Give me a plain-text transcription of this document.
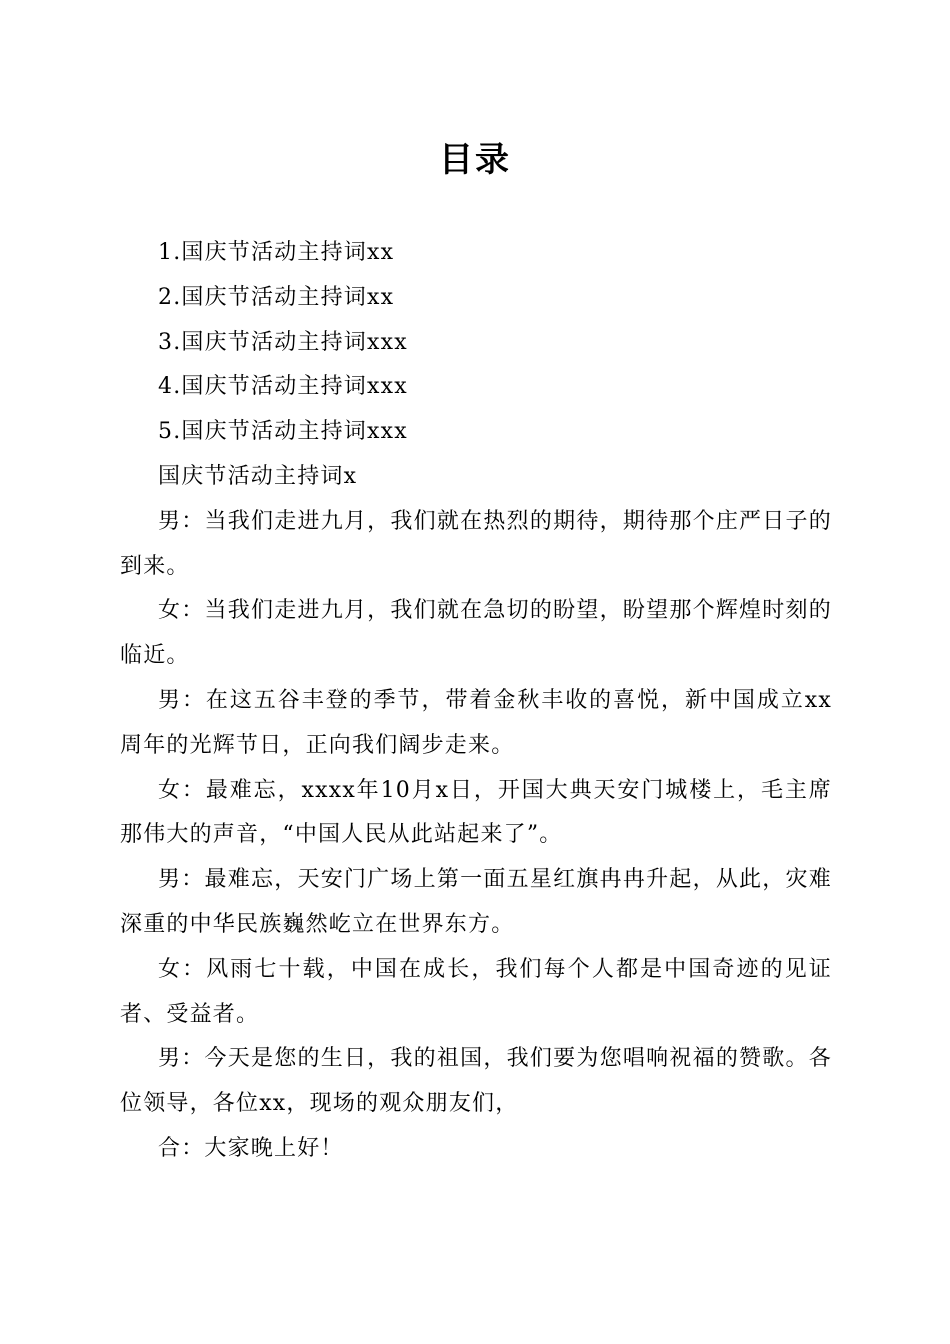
目录

1.国庆节活动主持词xx

2.国庆节活动主持词xx

3.国庆节活动主持词xxx

4.国庆节活动主持词xxx

5.国庆节活动主持词xxx

国庆节活动主持词x

男：当我们走进九月，我们就在热烈的期待，期待那个庄严日子的到来。

女：当我们走进九月，我们就在急切的盼望，盼望那个辉煌时刻的临近。

男：在这五谷丰登的季节，带着金秋丰收的喜悦，新中国成立xx周年的光辉节日，正向我们阔步走来。

女：最难忘，xxxx年10月x日，开国大典天安门城楼上，毛主席那伟大的声音，“中国人民从此站起来了”。

男：最难忘，天安门广场上第一面五星红旗冉冉升起，从此，灾难深重的中华民族巍然屹立在世界东方。

女：风雨七十载，中国在成长，我们每个人都是中国奇迹的见证者、受益者。

男：今天是您的生日，我的祖国，我们要为您唱响祝福的赞歌。各位领导，各位xx，现场的观众朋友们，

合：大家晚上好！
